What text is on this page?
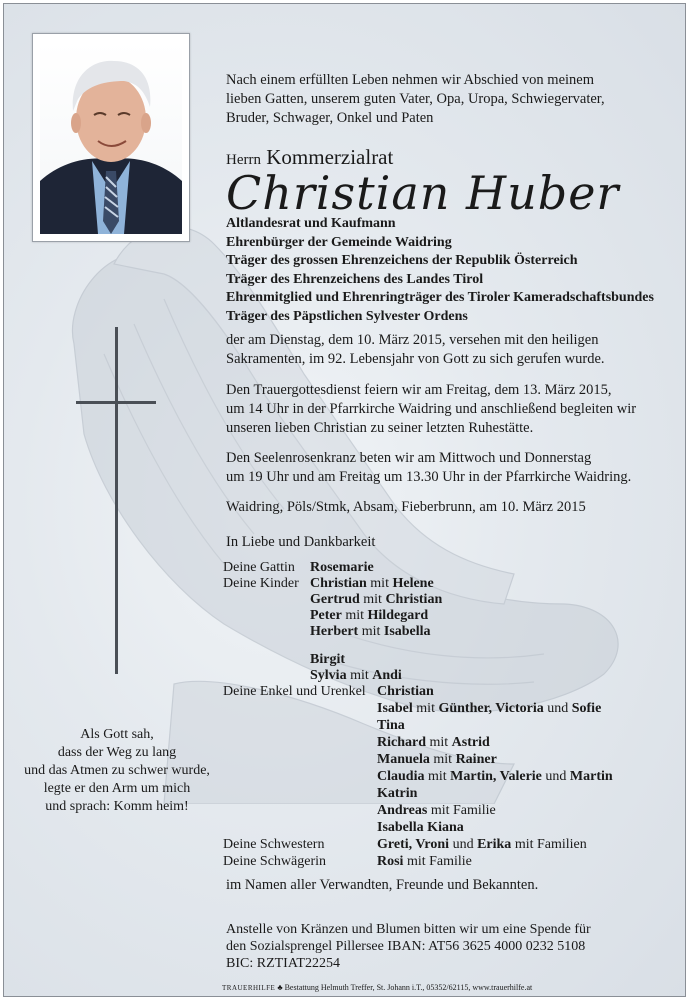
Nach einem erfüllten Leben nehmen wir Abschied von meinem
lieben Gatten, unserem guten Vater, Opa, Uropa, Schwiegervater,
Bruder, Schwager, Onkel und Paten
Herrn Kommerzialrat
Christian Huber
Altlandesrat und Kaufmann
Ehrenbürger der Gemeinde Waidring
Träger des grossen Ehrenzeichens der Republik Österreich
Träger des Ehrenzeichens des Landes Tirol
Ehrenmitglied und Ehrenringträger des Tiroler Kameradschaftsbundes
Träger des Päpstlichen Sylvester Ordens
der am Dienstag, dem 10. März 2015, versehen mit den heiligen
Sakramenten, im 92. Lebensjahr von Gott zu sich gerufen wurde.
Den Trauergottesdienst feiern wir am Freitag, dem 13. März 2015,
um 14 Uhr in der Pfarrkirche Waidring und anschließend begleiten wir
unseren lieben Christian zu seiner letzten Ruhestätte.
Den Seelenrosenkranz beten wir am Mittwoch und Donnerstag
um 19 Uhr und am Freitag um 13.30 Uhr in der Pfarrkirche Waidring.
Waidring, Pöls/Stmk, Absam, Fieberbrunn, am 10. März 2015
In Liebe und Dankbarkeit
Als Gott sah,
dass der Weg zu lang
und das Atmen zu schwer wurde,
legte er den Arm um mich
und sprach: Komm heim!
Deine Gattin Rosemarie
Deine Kinder Christian mit Helene
Gertrud mit Christian
Peter mit Hildegard
Herbert mit Isabella
Birgit
Sylvia mit Andi
Deine Enkel und Urenkel Christian
Isabel mit Günther, Victoria und Sofie
Tina
Richard mit Astrid
Manuela mit Rainer
Claudia mit Martin, Valerie und Martin
Katrin
Andreas mit Familie
Isabella Kiana
Deine Schwestern	Greti, Vroni und Erika mit Familien
Deine Schwägerin	Rosi mit Familie
im Namen aller Verwandten, Freunde und Bekannten.
Anstelle von Kränzen und Blumen bitten wir um eine Spende für
den Sozialsprengel Pillersee IBAN: AT56 3625 4000 0232 5108
BIC: RZTIAT22254
TRAUERHILFE ♣ Bestattung Helmuth Treffer, St. Johann i.T., 05352/62115, www.trauerhilfe.at
